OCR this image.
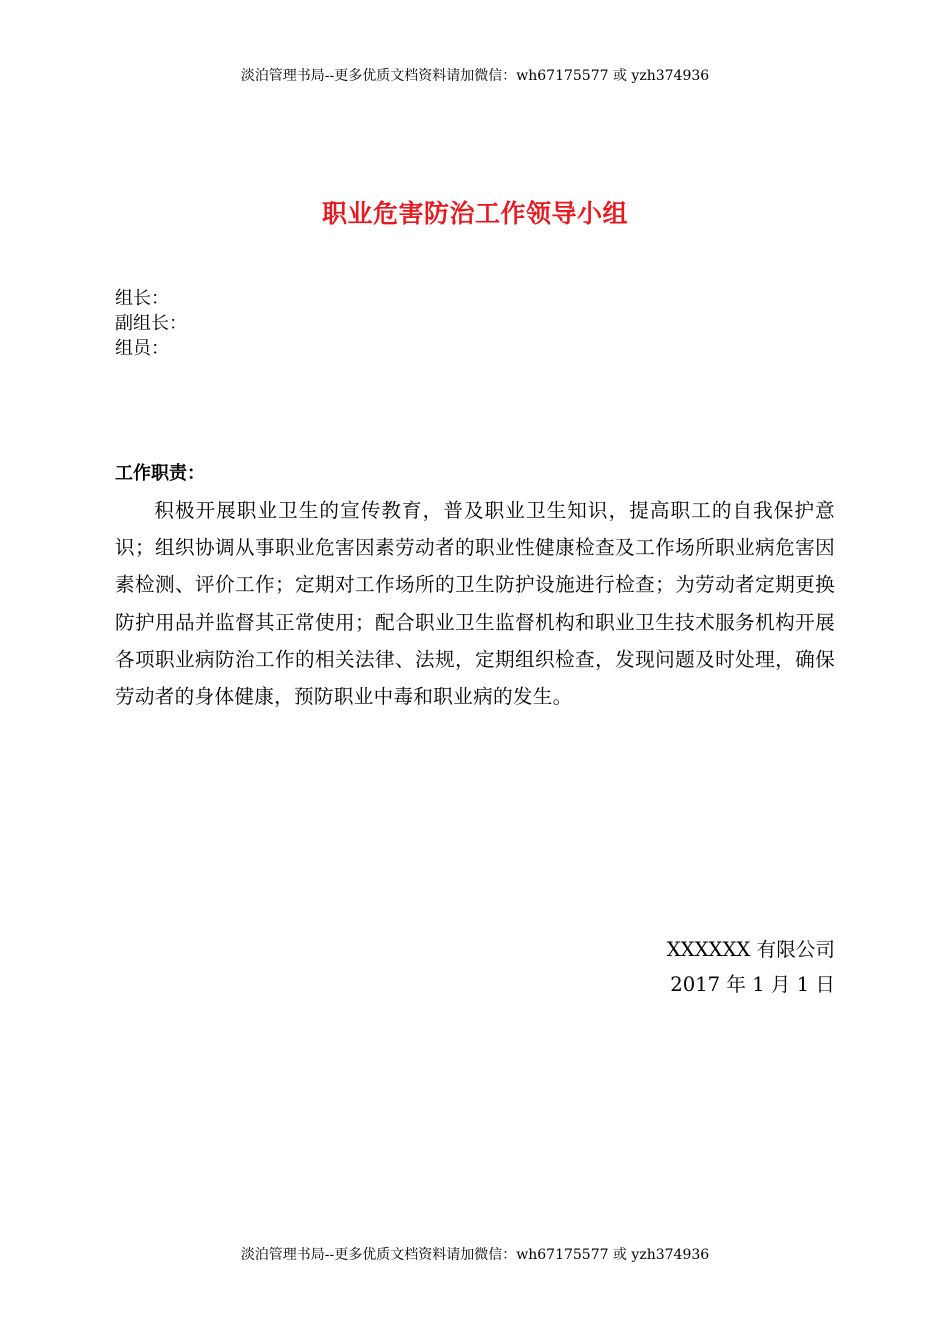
淡泊管理书局--更多优质文档资料请加微信：wh67175577 或 yzh374936
职业危害防治工作领导小组
组长：
副组长：
组员：
工作职责：
积极开展职业卫生的宣传教育，普及职业卫生知识，提高职工的自我保护意识；组织协调从事职业危害因素劳动者的职业性健康检查及工作场所职业病危害因素检测、评价工作；定期对工作场所的卫生防护设施进行检查；为劳动者定期更换防护用品并监督其正常使用；配合职业卫生监督机构和职业卫生技术服务机构开展各项职业病防治工作的相关法律、法规，定期组织检查，发现问题及时处理，确保劳动者的身体健康，预防职业中毒和职业病的发生。
XXXXXX 有限公司
2017 年 1 月 1 日
淡泊管理书局--更多优质文档资料请加微信：wh67175577 或 yzh374936
